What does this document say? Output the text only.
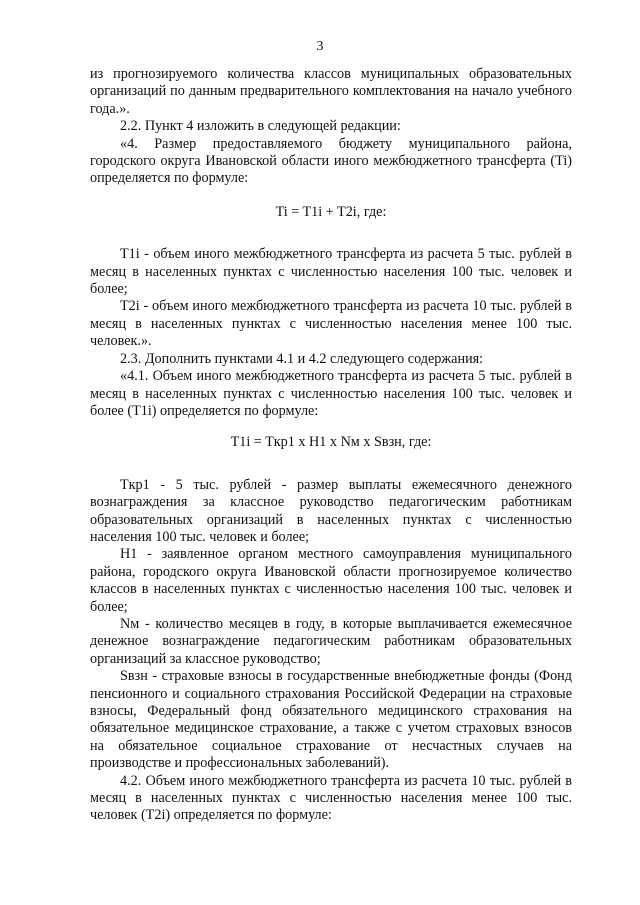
3

из прогнозируемого количества классов муниципальных образовательных организаций по данным предварительного комплектования на начало учебного года.».

2.2. Пункт 4 изложить в следующей редакции:

«4. Размер предоставляемого бюджету муниципального района, городского округа Ивановской области иного межбюджетного трансферта (Ti) определяется по формуле:

Ti = T1i + T2i, где:

T1i - объем иного межбюджетного трансферта из расчета 5 тыс. рублей в месяц в населенных пунктах с численностью населения 100 тыс. человек и более;

T2i - объем иного межбюджетного трансферта из расчета 10 тыс. рублей в месяц в населенных пунктах с численностью населения менее 100 тыс. человек.».

2.3. Дополнить пунктами 4.1 и 4.2 следующего содержания:

«4.1. Объем иного межбюджетного трансферта из расчета 5 тыс. рублей в месяц в населенных пунктах с численностью населения 100 тыс. человек и более (T1i) определяется по формуле:

T1i = Tкр1 x H1 x Nм x Sвзн, где:

Tкр1 - 5 тыс. рублей - размер выплаты ежемесячного денежного вознаграждения за классное руководство педагогическим работникам образовательных организаций в населенных пунктах с численностью населения 100 тыс. человек и более;

H1 - заявленное органом местного самоуправления муниципального района, городского округа Ивановской области прогнозируемое количество классов в населенных пунктах с численностью населения 100 тыс. человек и более;

Nм - количество месяцев в году, в которые выплачивается ежемесячное денежное вознаграждение педагогическим работникам образовательных организаций за классное руководство;

Sвзн - страховые взносы в государственные внебюджетные фонды (Фонд пенсионного и социального страхования Российской Федерации на страховые взносы, Федеральный фонд обязательного медицинского страхования на обязательное медицинское страхование, а также с учетом страховых взносов на обязательное социальное страхование от несчастных случаев на производстве и профессиональных заболеваний).

4.2. Объем иного межбюджетного трансферта из расчета 10 тыс. рублей в месяц в населенных пунктах с численностью населения менее 100 тыс. человек (T2i) определяется по формуле:
